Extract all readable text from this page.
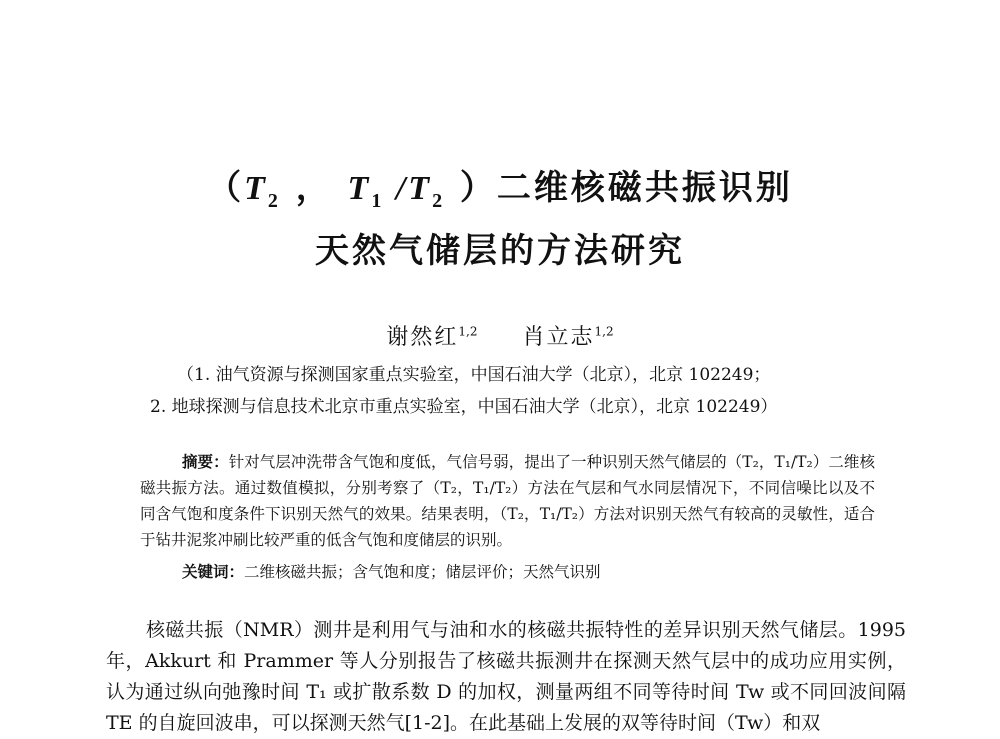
（$T_2$ ， $T_1$ $/T_2$ ）二维核磁共振识别
天然气储层的方法研究
谢然红$^{1,2}$ 肖立志$^{1,2}$
（1. 油气资源与探测国家重点实验室，中国石油大学（北京），北京 102249；
2. 地球探测与信息技术北京市重点实验室，中国石油大学（北京），北京 102249）

摘要：针对气层冲洗带含气饱和度低，气信号弱，提出了一种识别天然气储层的（T₂，T₁/T₂）二维核磁共振方法。通过数值模拟，分别考察了（T₂，T₁/T₂）方法在气层和气水同层情况下，不同信噪比以及不同含气饱和度条件下识别天然气的效果。结果表明，（T₂，T₁/T₂）方法对识别天然气有较高的灵敏性，适合于钻井泥浆冲刷比较严重的低含气饱和度储层的识别。

关键词：二维核磁共振；含气饱和度；储层评价；天然气识别

核磁共振（NMR）测井是利用气与油和水的核磁共振特性的差异识别天然气储层。1995 年，Akkurt 和 Prammer 等人分别报告了核磁共振测井在探测天然气层中的成功应用实例，认为通过纵向弛豫时间 T₁ 或扩散系数 D 的加权，测量两组不同等待时间 Tw 或不同回波间隔 TE 的自旋回波串，可以探测天然气[1-2]。在此基础上发展的双等待时间（Tw）和双
